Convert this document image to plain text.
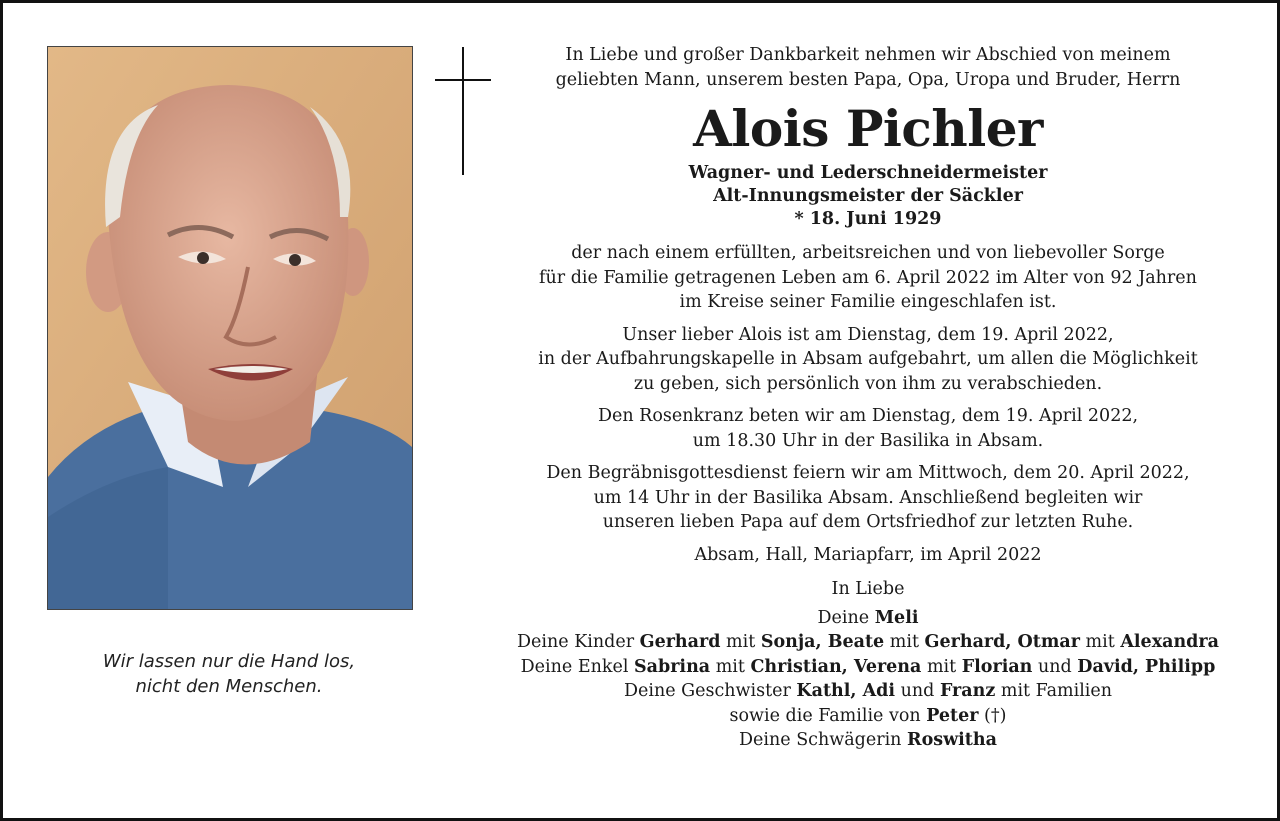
Wir lassen nur die Hand los,
nicht den Menschen.
In Liebe und großer Dankbarkeit nehmen wir Abschied von meinem
geliebten Mann, unserem besten Papa, Opa, Uropa und Bruder, Herrn
Alois Pichler
Wagner- und Lederschneidermeister
Alt-Innungsmeister der Säckler
* 18. Juni 1929
der nach einem erfüllten, arbeitsreichen und von liebevoller Sorge
für die Familie getragenen Leben am 6. April 2022 im Alter von 92 Jahren
im Kreise seiner Familie eingeschlafen ist.
Unser lieber Alois ist am Dienstag, dem 19. April 2022,
in der Aufbahrungskapelle in Absam aufgebahrt, um allen die Möglichkeit
zu geben, sich persönlich von ihm zu verabschieden.
Den Rosenkranz beten wir am Dienstag, dem 19. April 2022,
um 18.30 Uhr in der Basilika in Absam.
Den Begräbnisgottesdienst feiern wir am Mittwoch, dem 20. April 2022,
um 14 Uhr in der Basilika Absam. Anschließend begleiten wir
unseren lieben Papa auf dem Ortsfriedhof zur letzten Ruhe.
Absam, Hall, Mariapfarr, im April 2022
In Liebe
Deine Meli
Deine Kinder Gerhard mit Sonja, Beate mit Gerhard, Otmar mit Alexandra
Deine Enkel Sabrina mit Christian, Verena mit Florian und David, Philipp
Deine Geschwister Kathl, Adi und Franz mit Familien
sowie die Familie von Peter (†)
Deine Schwägerin Roswitha
